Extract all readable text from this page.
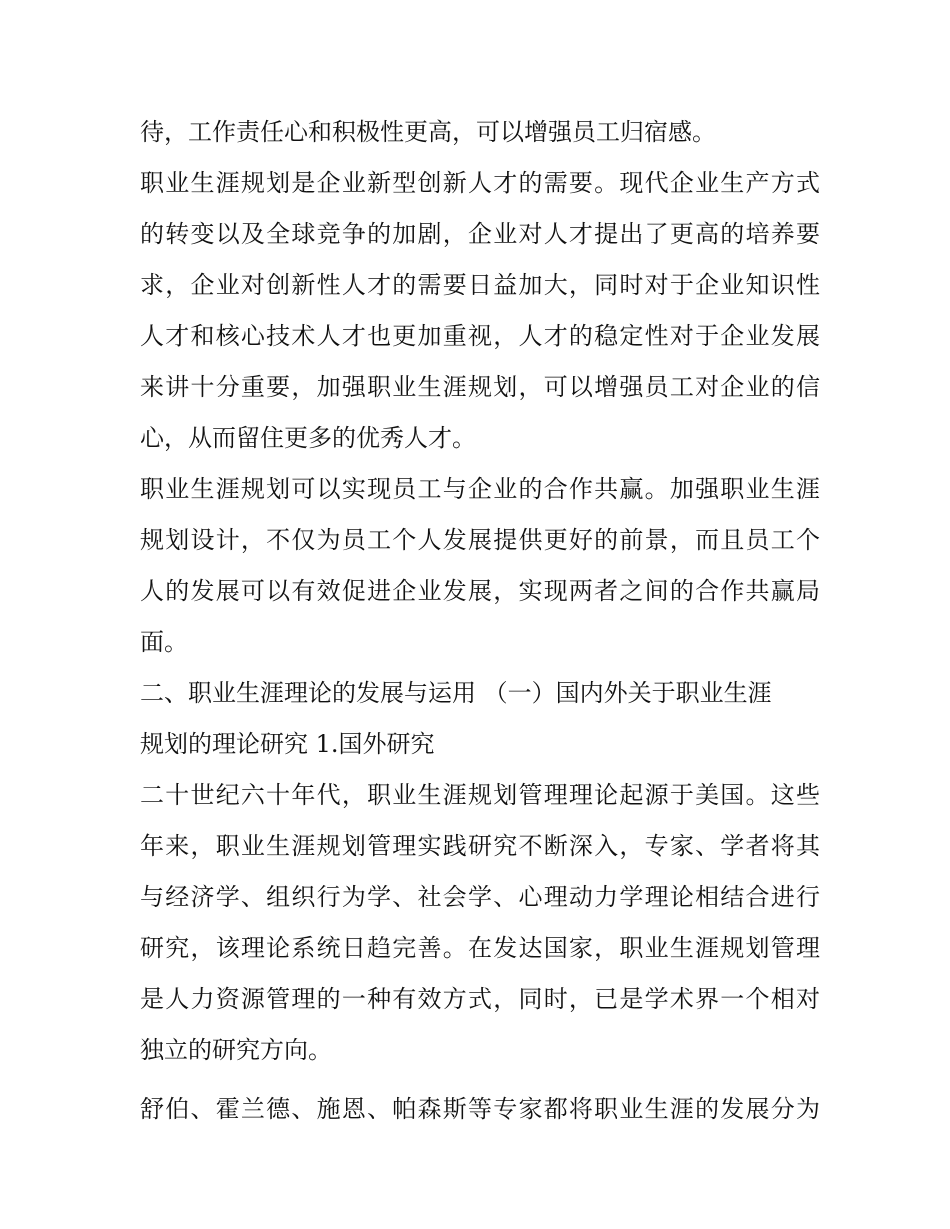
待，工作责任心和积极性更高，可以增强员工归宿感。
职业生涯规划是企业新型创新人才的需要。现代企业生产方式
的转变以及全球竞争的加剧，企业对人才提出了更高的培养要
求，企业对创新性人才的需要日益加大，同时对于企业知识性
人才和核心技术人才也更加重视，人才的稳定性对于企业发展
来讲十分重要，加强职业生涯规划，可以增强员工对企业的信
心，从而留住更多的优秀人才。
职业生涯规划可以实现员工与企业的合作共赢。加强职业生涯
规划设计，不仅为员工个人发展提供更好的前景，而且员工个
人的发展可以有效促进企业发展，实现两者之间的合作共赢局
面。
二、职业生涯理论的发展与运用 （一）国内外关于职业生涯
规划的理论研究 1.国外研究
二十世纪六十年代，职业生涯规划管理理论起源于美国。这些
年来，职业生涯规划管理实践研究不断深入，专家、学者将其
与经济学、组织行为学、社会学、心理动力学理论相结合进行
研究，该理论系统日趋完善。在发达国家，职业生涯规划管理
是人力资源管理的一种有效方式，同时，已是学术界一个相对
独立的研究方向。
舒伯、霍兰德、施恩、帕森斯等专家都将职业生涯的发展分为
